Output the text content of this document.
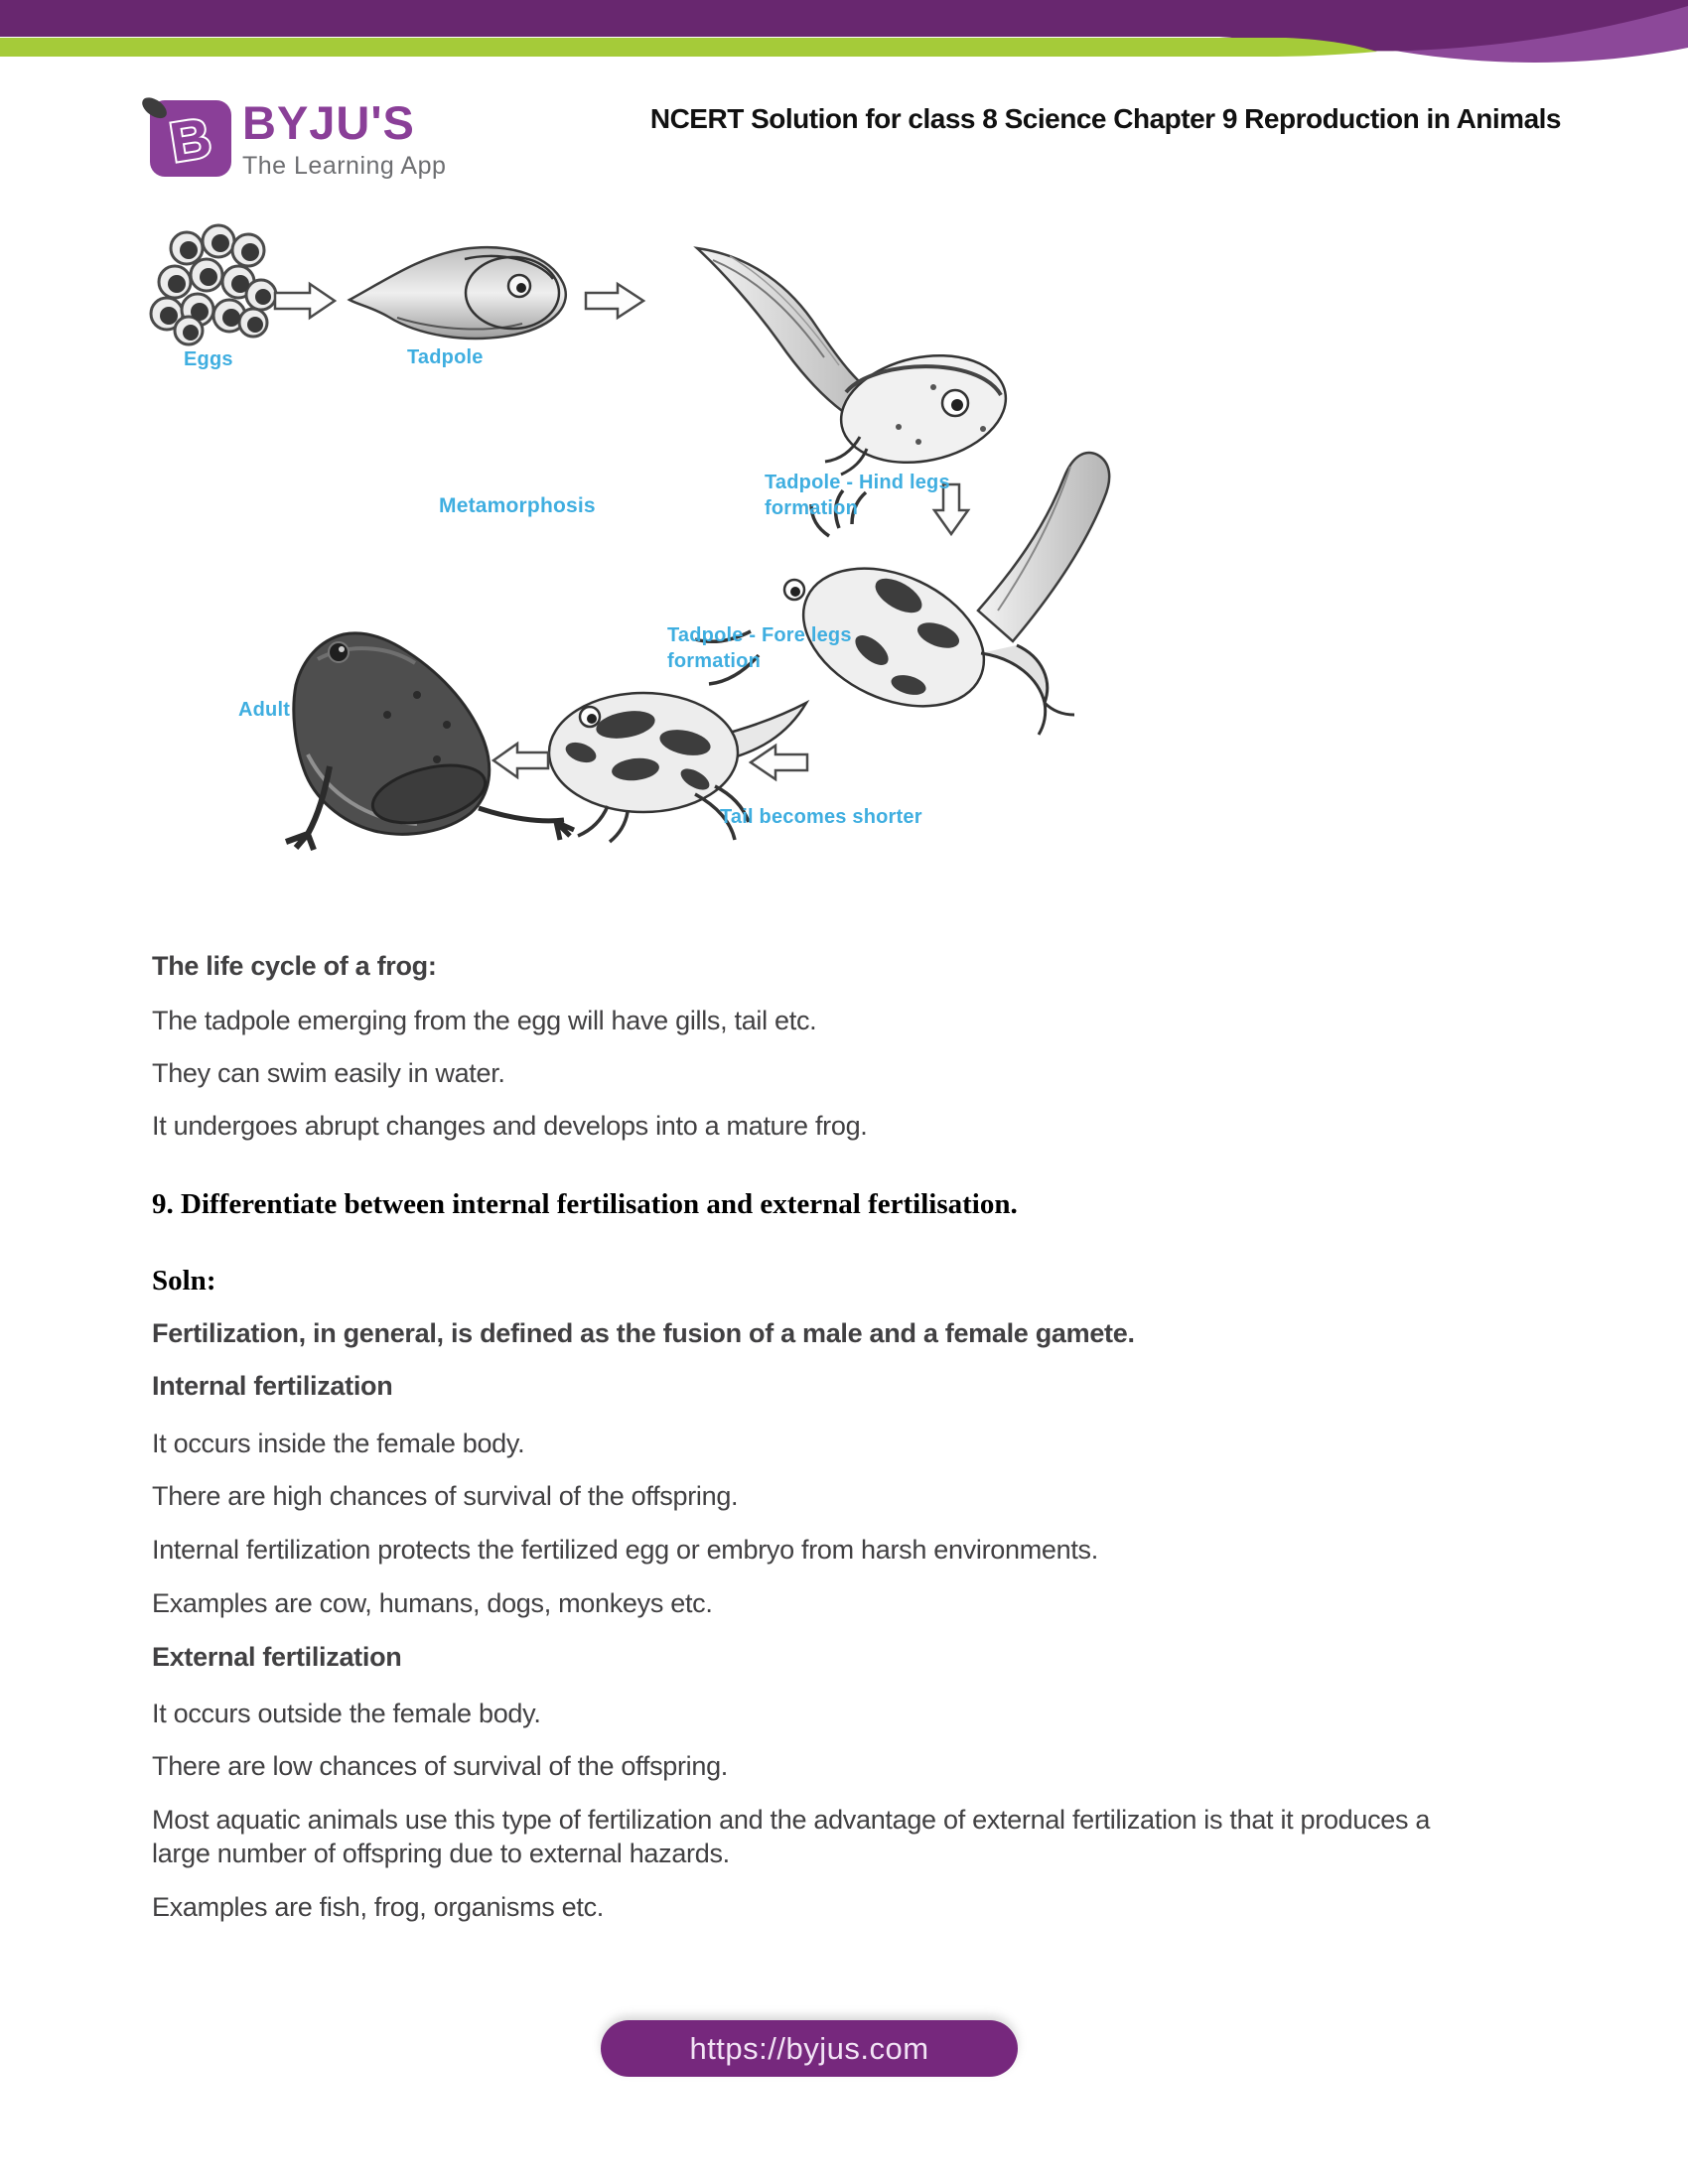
B BYJU'S
The Learning App
NCERT Solution for class 8 Science Chapter 9 Reproduction in Animals
Eggs	Tadpole
Tadpole - Hind legs
formation
Metamorphosis
Tadpole - Fore legs
formation
Adult
Tail becomes shorter

The life cycle of a frog:

The tadpole emerging from the egg will have gills, tail etc.

They can swim easily in water.

It undergoes abrupt changes and develops into a mature frog.

9. Differentiate between internal fertilisation and external fertilisation.

Soln:

Fertilization, in general, is defined as the fusion of a male and a female gamete.

Internal fertilization

It occurs inside the female body.

There are high chances of survival of the offspring.

Internal fertilization protects the fertilized egg or embryo from harsh environments.

Examples are cow, humans, dogs, monkeys etc.

External fertilization

It occurs outside the female body.

There are low chances of survival of the offspring.

Most aquatic animals use this type of fertilization and the advantage of external fertilization is that it produces a large number of offspring due to external hazards.

Examples are fish, frog, organisms etc.

https://byjus.com
